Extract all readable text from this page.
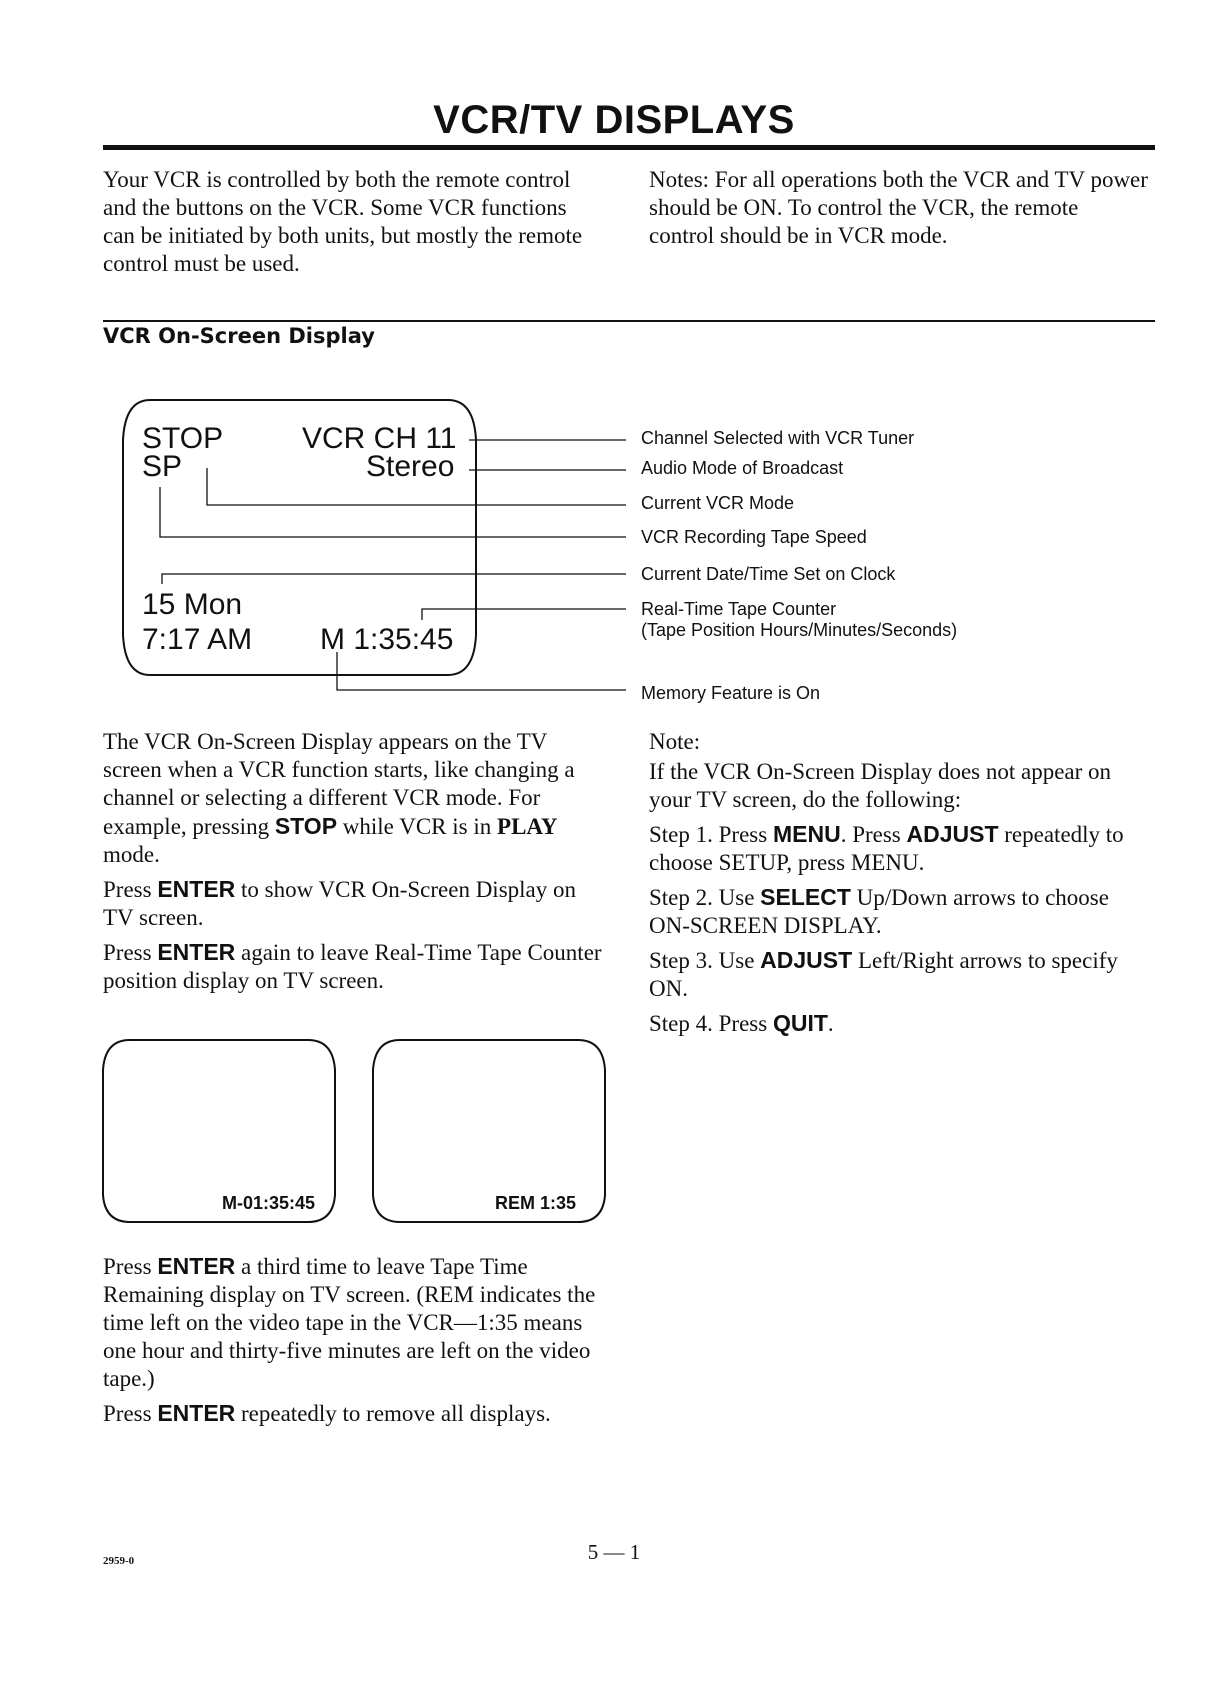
VCR/TV DISPLAYS
Your VCR is controlled by both the remote control and the buttons on the VCR. Some VCR functions can be initiated by both units, but mostly the remote control must be used.
Notes: For all operations both the VCR and TV power should be ON. To control the VCR, the remote control should be in VCR mode.
VCR On-Screen Display
STOP	VCR CH 11
SP	Stereo
15 Mon
7:17 AM M 1:35:45
Channel Selected with VCR Tuner
Audio Mode of Broadcast
Current VCR Mode
VCR Recording Tape Speed
Current Date/Time Set on Clock
Real-Time Tape Counter
(Tape Position Hours/Minutes/Seconds)
Memory Feature is On

The VCR On-Screen Display appears on the TV screen when a VCR function starts, like changing a channel or selecting a different VCR mode. For example, pressing STOP while VCR is in PLAY mode.

Press ENTER to show VCR On-Screen Display on TV screen.

Press ENTER again to leave Real-Time Tape Counter position display on TV screen.

M-01:35:45	REM 1:35

Press ENTER a third time to leave Tape Time Remaining display on TV screen. (REM indicates the time left on the video tape in the VCR—1:35 means one hour and thirty-five minutes are left on the video tape.)

Press ENTER repeatedly to remove all displays.

Note:

If the VCR On-Screen Display does not appear on your TV screen, do the following:

Step 1. Press MENU. Press ADJUST repeatedly to choose SETUP, press MENU.

Step 2. Use SELECT Up/Down arrows to choose ON-SCREEN DISPLAY.

Step 3. Use ADJUST Left/Right arrows to specify ON.

Step 4. Press QUIT.

5 — 1
2959-0
